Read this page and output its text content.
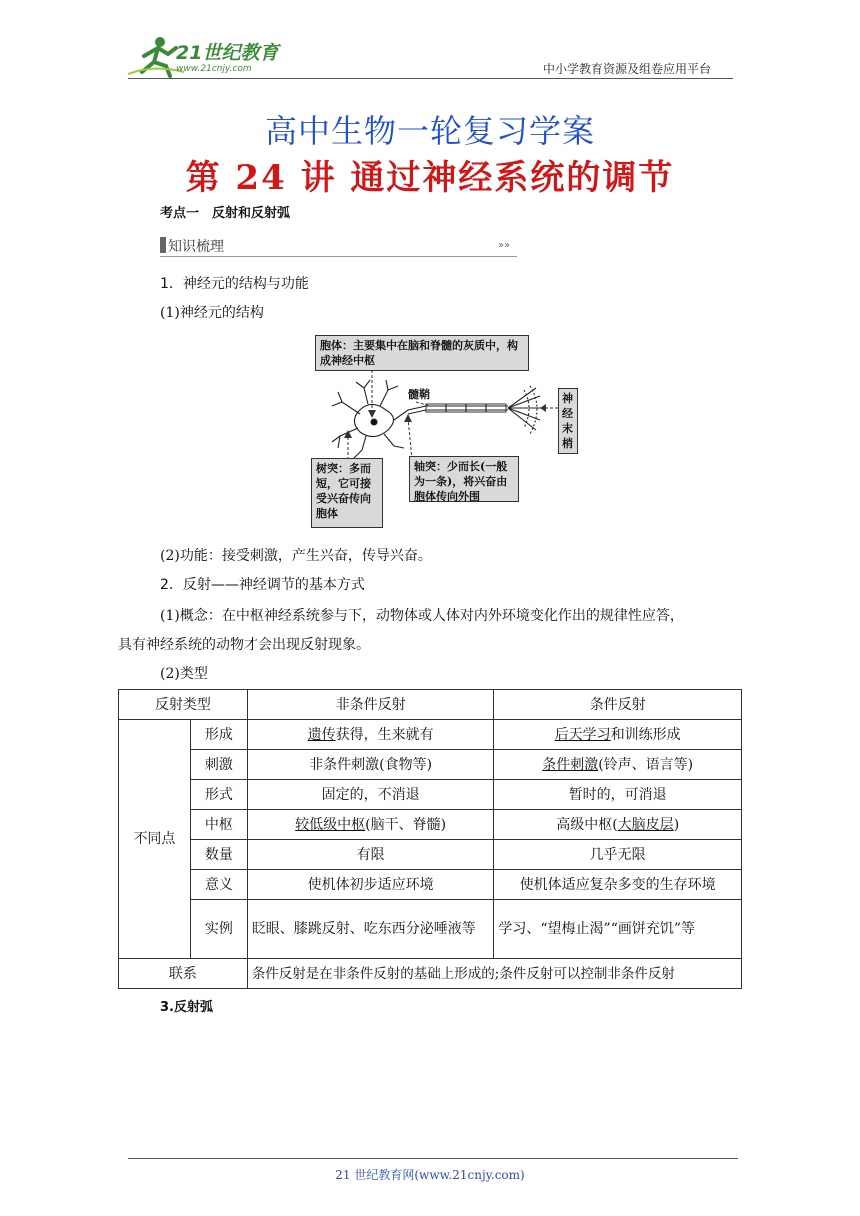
21世纪教育
www.21cnjy.com	中小学教育资源及组卷应用平台
高中生物一轮复习学案
第 24 讲 通过神经系统的调节
考点一　反射和反射弧
知识梳理	»»
1．神经元的结构与功能
(1)神经元的结构
胞体：主要集中在脑和脊髓的灰质中，构成神经中枢
髓鞘	神经末梢
树突：多而短，它可接受兴奋传向胞体
轴突：少而长(一般为一条)，将兴奋由胞体传向外围
(2)功能：接受刺激，产生兴奋，传导兴奋。
2．反射——神经调节的基本方式
(1)概念：在中枢神经系统参与下，动物体或人体对内外环境变化作出的规律性应答，
具有神经系统的动物才会出现反射现象。
(2)类型
反射类型		非条件反射	条件反射
不同点	形成	遗传获得，生来就有	后天学习和训练形成
	刺激	非条件刺激(食物等)	条件刺激(铃声、语言等)
	形式	固定的，不消退	暂时的，可消退
	中枢	较低级中枢(脑干、脊髓)	高级中枢(大脑皮层)
	数量	有限	几乎无限
	意义	使机体初步适应环境	使机体适应复杂多变的生存环境
	实例	眨眼、膝跳反射、吃东西分泌唾液等	学习、“望梅止渴”“画饼充饥”等
联系		条件反射是在非条件反射的基础上形成的;条件反射可以控制非条件反射	
3.反射弧
21 世纪教育网(www.21cnjy.com)
